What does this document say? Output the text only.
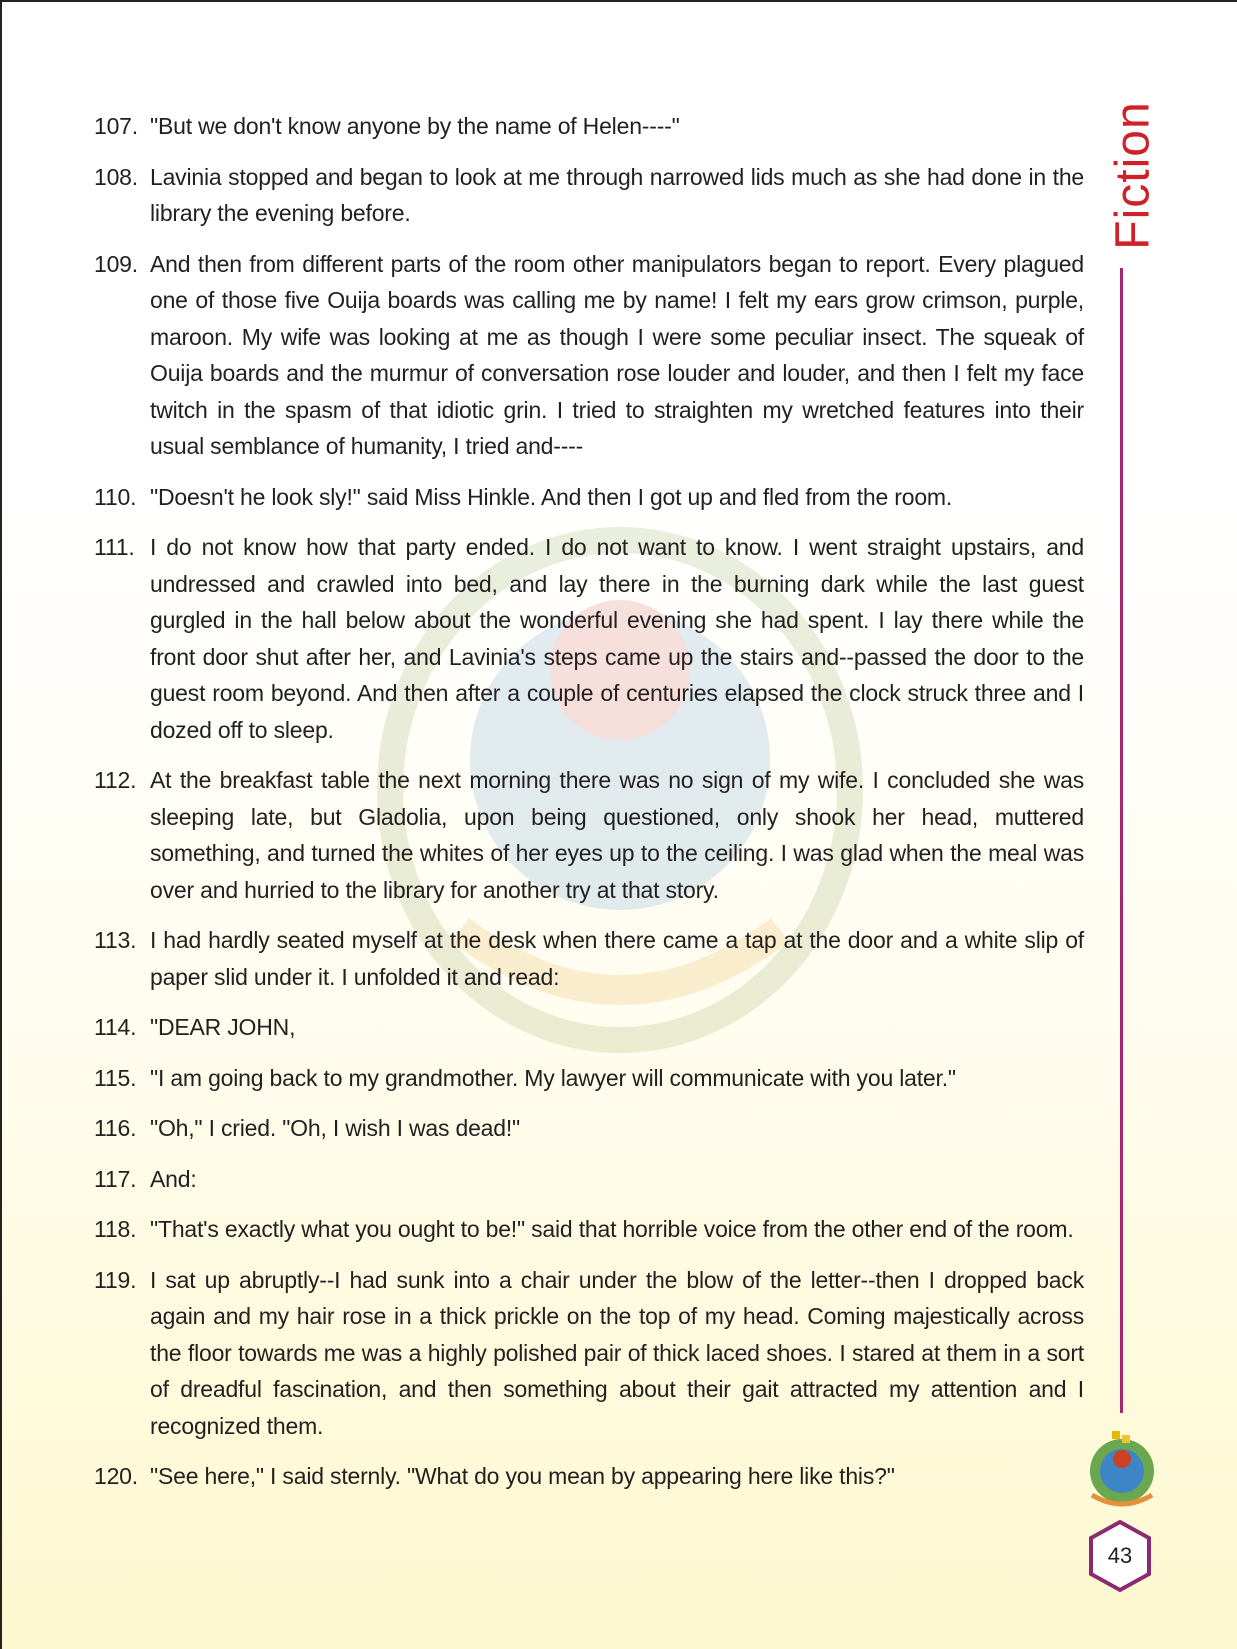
107. "But we don't know anyone by the name of Helen----"
108. Lavinia stopped and began to look at me through narrowed lids much as she had done in the library the evening before.
109. And then from different parts of the room other manipulators began to report. Every plagued one of those five Ouija boards was calling me by name! I felt my ears grow crimson, purple, maroon. My wife was looking at me as though I were some peculiar insect. The squeak of Ouija boards and the murmur of conversation rose louder and louder, and then I felt my face twitch in the spasm of that idiotic grin. I tried to straighten my wretched features into their usual semblance of humanity, I tried and----
110. "Doesn't he look sly!" said Miss Hinkle. And then I got up and fled from the room.
111. I do not know how that party ended. I do not want to know. I went straight upstairs, and undressed and crawled into bed, and lay there in the burning dark while the last guest gurgled in the hall below about the wonderful evening she had spent. I lay there while the front door shut after her, and Lavinia's steps came up the stairs and--passed the door to the guest room beyond. And then after a couple of centuries elapsed the clock struck three and I dozed off to sleep.
112. At the breakfast table the next morning there was no sign of my wife. I concluded she was sleeping late, but Gladolia, upon being questioned, only shook her head, muttered something, and turned the whites of her eyes up to the ceiling. I was glad when the meal was over and hurried to the library for another try at that story.
113. I had hardly seated myself at the desk when there came a tap at the door and a white slip of paper slid under it. I unfolded it and read:
114. "DEAR JOHN,
115. "I am going back to my grandmother. My lawyer will communicate with you later."
116. "Oh," I cried. "Oh, I wish I was dead!"
117. And:
118. "That's exactly what you ought to be!" said that horrible voice from the other end of the room.
119. I sat up abruptly--I had sunk into a chair under the blow of the letter--then I dropped back again and my hair rose in a thick prickle on the top of my head. Coming majestically across the floor towards me was a highly polished pair of thick laced shoes. I stared at them in a sort of dreadful fascination, and then something about their gait attracted my attention and I recognized them.
120. "See here," I said sternly. "What do you mean by appearing here like this?"
Fiction
43
